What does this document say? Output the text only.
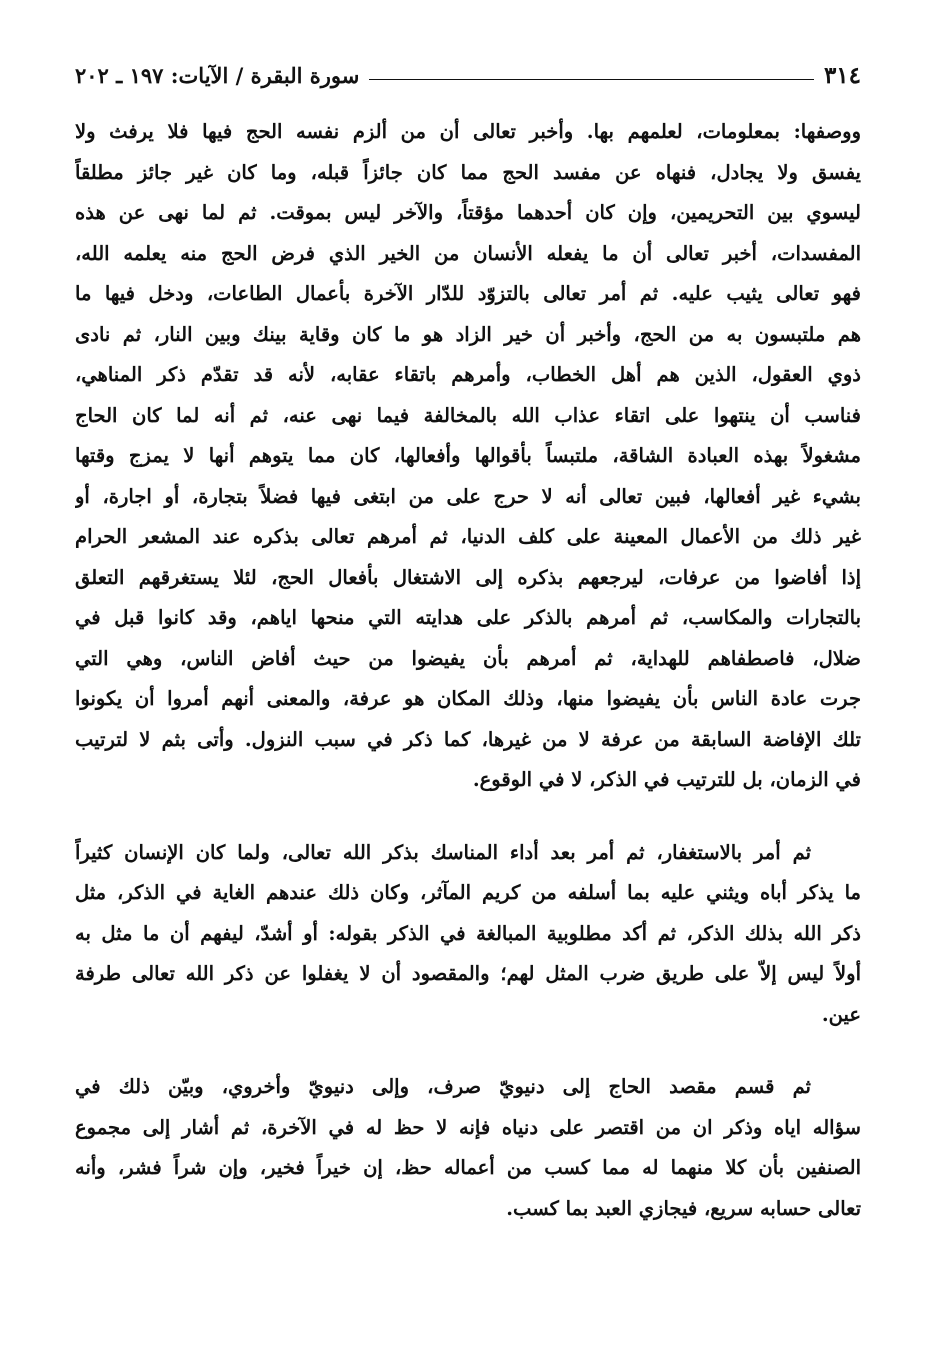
٣١٤
سورة البقرة / الآيات: ١٩٧ ـ ٢٠٢
ووصفها: بمعلومات، لعلمهم بها. وأخبر تعالى أن من ألزم نفسه الحج فيها فلا يرفث ولا
يفسق ولا يجادل، فنهاه عن مفسد الحج مما كان جائزاً قبله، وما كان غير جائز مطلقاً
ليسوي بين التحريمين، وإن كان أحدهما مؤقتاً، والآخر ليس بموقت. ثم لما نهى عن هذه
المفسدات، أخبر تعالى أن ما يفعله الأنسان من الخير الذي فرض الحج منه يعلمه الله،
فهو تعالى يثيب عليه. ثم أمر تعالى بالتزوّد للدّار الآخرة بأعمال الطاعات، ودخل فيها ما
هم ملتبسون به من الحج، وأخبر أن خير الزاد هو ما كان وقاية بينك وبين النار، ثم نادى
ذوي العقول، الذين هم أهل الخطاب، وأمرهم باتقاء عقابه، لأنه قد تقدّم ذكر المناهي،
فناسب أن ينتهوا على اتقاء عذاب الله بالمخالفة فيما نهى عنه، ثم أنه لما كان الحاج
مشغولاً بهذه العبادة الشاقة، ملتبساً بأقوالها وأفعالها، كان مما يتوهم أنها لا يمزج وقتها
بشيء غير أفعالها، فبين تعالى أنه لا حرج على من ابتغى فيها فضلاً بتجارة، أو اجارة، أو
غير ذلك من الأعمال المعينة على كلف الدنيا، ثم أمرهم تعالى بذكره عند المشعر الحرام
إذا أفاضوا من عرفات، ليرجعهم بذكره إلى الاشتغال بأفعال الحج، لئلا يستغرقهم التعلق
بالتجارات والمكاسب، ثم أمرهم بالذكر على هدايته التي منحها اياهم، وقد كانوا قبل في
ضلال، فاصطفاهم للهداية، ثم أمرهم بأن يفيضوا من حيث أفاض الناس، وهي التي
جرت عادة الناس بأن يفيضوا منها، وذلك المكان هو عرفة، والمعنى أنهم أمروا أن يكونوا
تلك الإفاضة السابقة من عرفة لا من غيرها، كما ذكر في سبب النزول. وأتى بثم لا لترتيب
في الزمان، بل للترتيب في الذكر، لا في الوقوع.
ثم أمر بالاستغفار، ثم أمر بعد أداء المناسك بذكر الله تعالى، ولما كان الإنسان كثيراً
ما يذكر أباه ويثني عليه بما أسلفه من كريم المآثر، وكان ذلك عندهم الغاية في الذكر، مثل
ذكر الله بذلك الذكر، ثم أكد مطلوبية المبالغة في الذكر بقوله: أو أشدّ، ليفهم أن ما مثل به
أولاً ليس إلاّ على طريق ضرب المثل لهم؛ والمقصود أن لا يغفلوا عن ذكر الله تعالى طرفة
عين.
ثم قسم مقصد الحاج إلى دنيويّ صرف، وإلى دنيويّ وأخروي، وبيّن ذلك في
سؤاله اياه وذكر ان من اقتصر على دنياه فإنه لا حظ له في الآخرة، ثم أشار إلى مجموع
الصنفين بأن كلا منهما له مما كسب من أعماله حظ، إن خيراً فخير، وإن شراً فشر، وأنه
تعالى حسابه سريع، فيجازي العبد بما كسب.
